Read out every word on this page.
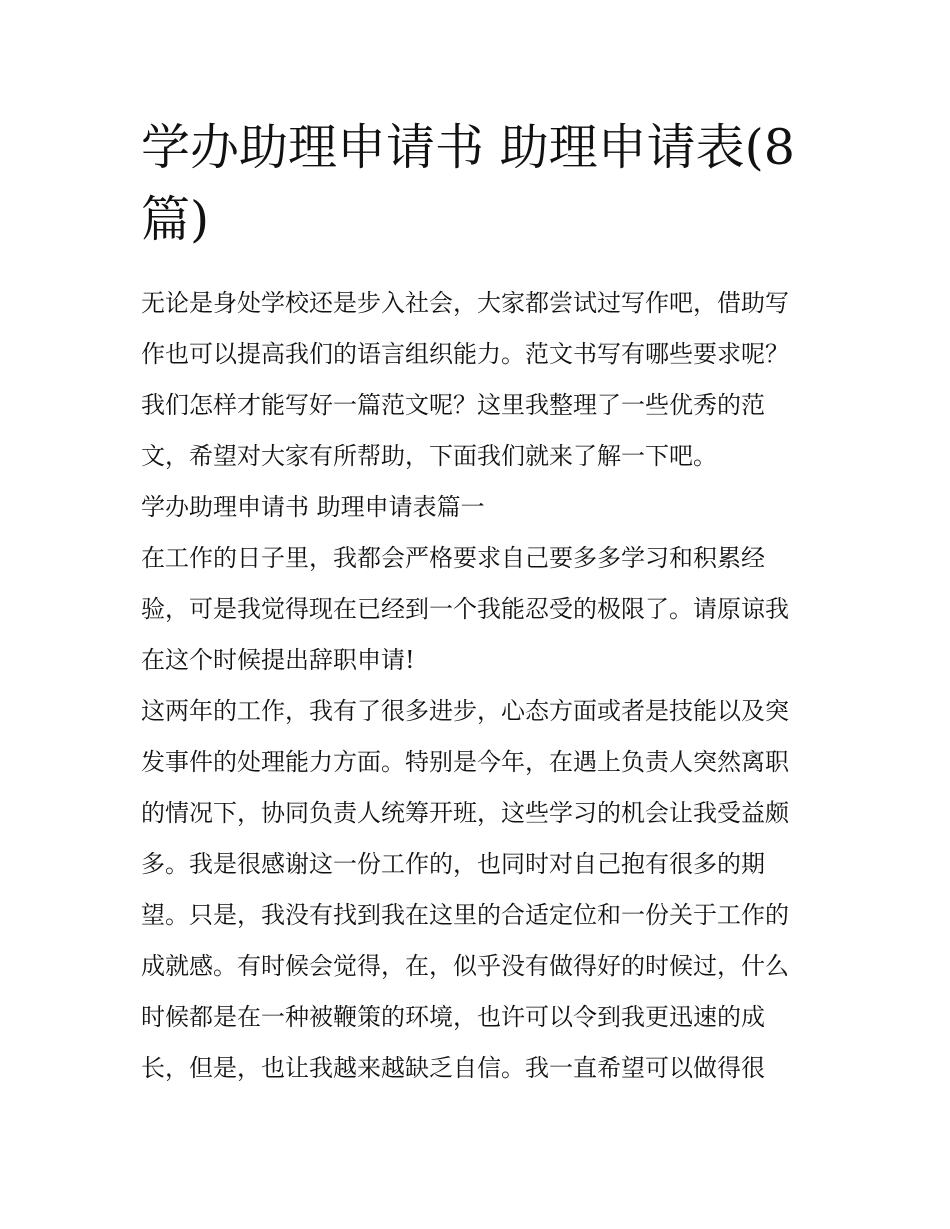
学办助理申请书 助理申请表(8
篇)
无论是身处学校还是步入社会，大家都尝试过写作吧，借助写
作也可以提高我们的语言组织能力。范文书写有哪些要求呢？
我们怎样才能写好一篇范文呢？这里我整理了一些优秀的范
文，希望对大家有所帮助，下面我们就来了解一下吧。
学办助理申请书 助理申请表篇一
在工作的日子里，我都会严格要求自己要多多学习和积累经
验，可是我觉得现在已经到一个我能忍受的极限了。请原谅我
在这个时候提出辞职申请!
这两年的工作，我有了很多进步，心态方面或者是技能以及突
发事件的处理能力方面。特别是今年，在遇上负责人突然离职
的情况下，协同负责人统筹开班，这些学习的机会让我受益颇
多。我是很感谢这一份工作的，也同时对自己抱有很多的期
望。只是，我没有找到我在这里的合适定位和一份关于工作的
成就感。有时候会觉得，在，似乎没有做得好的时候过，什么
时候都是在一种被鞭策的环境，也许可以令到我更迅速的成
长，但是，也让我越来越缺乏自信。我一直希望可以做得很
